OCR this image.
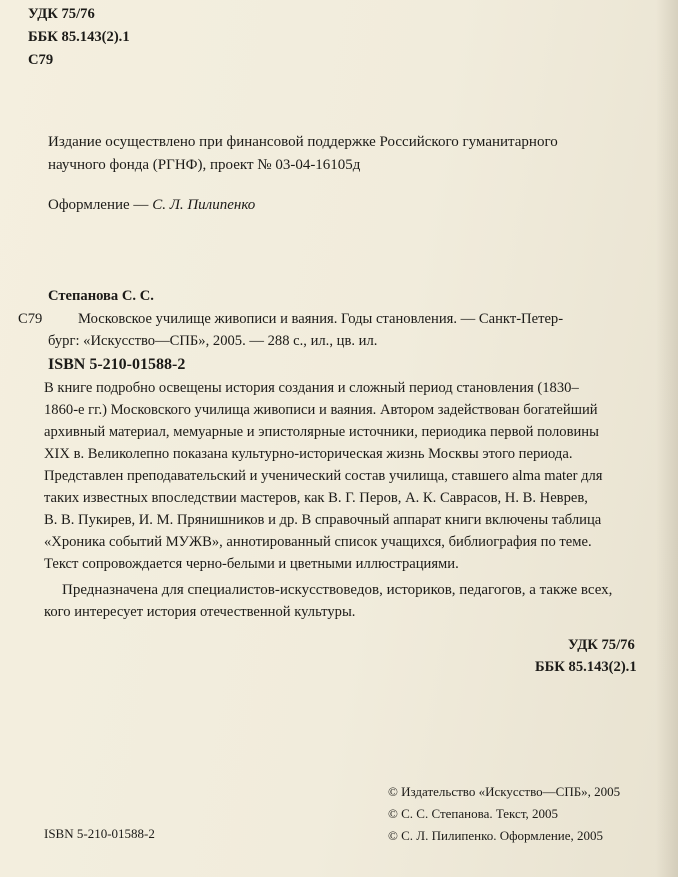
УДК 75/76
ББК 85.143(2).1
С79
Издание осуществлено при финансовой поддержке Российского гуманитарного
научного фонда (РГНФ), проект № 03-04-16105д
Оформление — С. Л. Пилипенко
Степанова С. С.
С79 Московское училище живописи и ваяния. Годы становления. — Санкт-Петер-
бург: «Искусство—СПБ», 2005. — 288 с., ил., цв. ил.
ISBN 5-210-01588-2
В книге подробно освещены история создания и сложный период становления (1830–
1860-е гг.) Московского училища живописи и ваяния. Автором задействован богатейший
архивный материал, мемуарные и эпистолярные источники, периодика первой половины
XIX в. Великолепно показана культурно-историческая жизнь Москвы этого периода.
Представлен преподавательский и ученический состав училища, ставшего alma mater для
таких известных впоследствии мастеров, как В. Г. Перов, А. К. Саврасов, Н. В. Неврев,
В. В. Пукирев, И. М. Прянишников и др. В справочный аппарат книги включены таблица
«Хроника событий МУЖВ», аннотированный список учащихся, библиография по теме.
Текст сопровождается черно-белыми и цветными иллюстрациями.
Предназначена для специалистов-искусствоведов, историков, педагогов, а также всех,
кого интересует история отечественной культуры.
УДК 75/76
ББК 85.143(2).1
© Издательство «Искусство—СПБ», 2005
© С. С. Степанова. Текст, 2005
© С. Л. Пилипенко. Оформление, 2005
ISBN 5-210-01588-2
